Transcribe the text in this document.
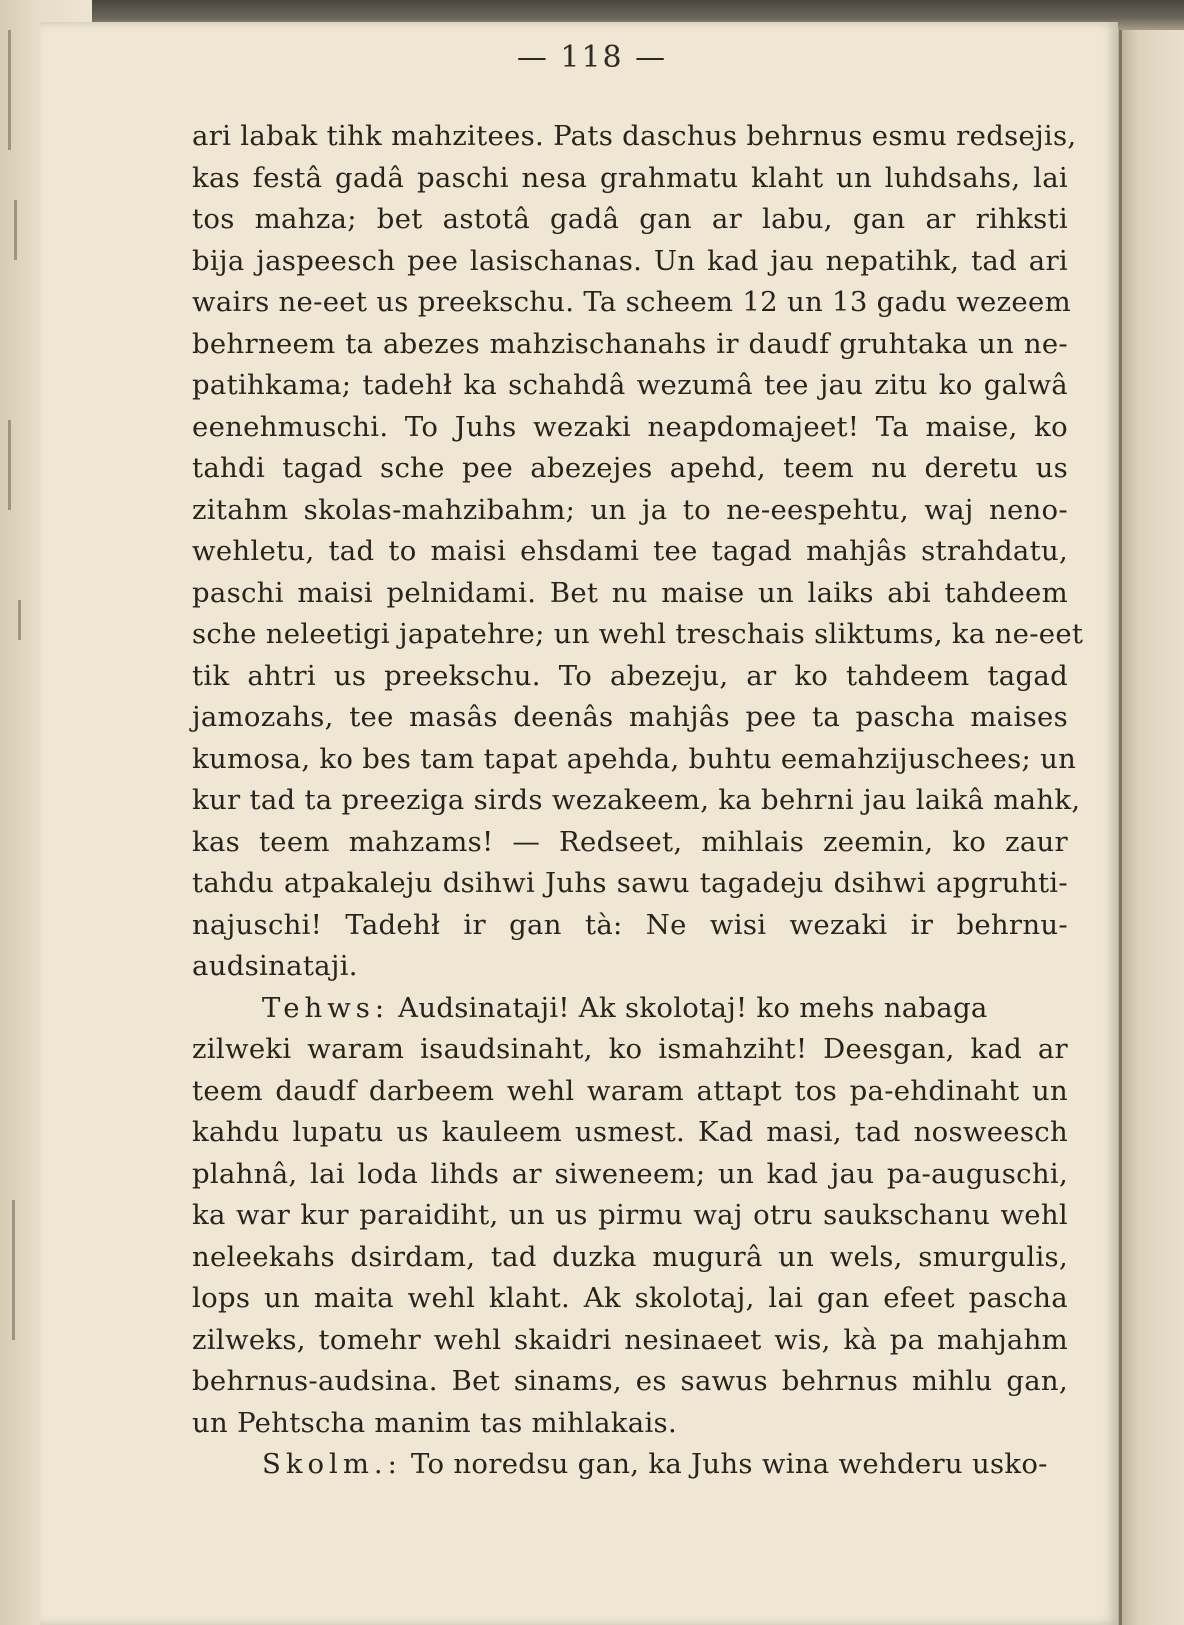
— 118 —
ari labak tihk mahzitees. Pats daschus behrnus esmu redsejis,
kas festâ gadâ paschi nesa grahmatu klaht un luhdsahs, lai
tos mahza; bet astotâ gadâ gan ar labu, gan ar rihksti
bija jaspeesch pee lasischanas. Un kad jau nepatihk, tad ari
wairs ne-eet us preekschu. Ta scheem 12 un 13 gadu wezeem
behrneem ta abezes mahzischanahs ir daudf gruhtaka un ne-
patihkama; tadehł ka schahdâ wezumâ tee jau zitu ko galwâ
eenehmuschi. To Juhs wezaki neapdomajeet! Ta maise, ko
tahdi tagad sche pee abezejes apehd, teem nu deretu us
zitahm skolas-mahzibahm; un ja to ne-eespehtu, waj neno-
wehletu, tad to maisi ehsdami tee tagad mahjâs strahdatu,
paschi maisi pelnidami. Bet nu maise un laiks abi tahdeem
sche neleetigi japatehre; un wehl treschais sliktums, ka ne-eet
tik ahtri us preekschu. To abezeju, ar ko tahdeem tagad
jamozahs, tee masâs deenâs mahjâs pee ta pascha maises
kumosa, ko bes tam tapat apehda, buhtu eemahzijuschees; un
kur tad ta preeziga sirds wezakeem, ka behrni jau laikâ mahk,
kas teem mahzams! — Redseet, mihlais zeemin, ko zaur
tahdu atpakaleju dsihwi Juhs sawu tagadeju dsihwi apgruhti-
najuschi! Tadehł ir gan tà: Ne wisi wezaki ir behrnu-
audsinataji.
Tehws: Audsinataji! Ak skolotaj! ko mehs nabaga
zilweki waram isaudsinaht, ko ismahziht! Deesgan, kad ar
teem daudf darbeem wehl waram attapt tos pa-ehdinaht un
kahdu lupatu us kauleem usmest. Kad masi, tad nosweesch
plahnâ, lai loda lihds ar siweneem; un kad jau pa-auguschi,
ka war kur paraidiht, un us pirmu waj otru saukschanu wehl
neleekahs dsirdam, tad duzka mugurâ un wels, smurgulis,
lops un maita wehl klaht. Ak skolotaj, lai gan efeet pascha
zilweks, tomehr wehl skaidri nesinaeet wis, kà pa mahjahm
behrnus-audsina. Bet sinams, es sawus behrnus mihlu gan,
un Pehtscha manim tas mihlakais.
Skolm.: To noredsu gan, ka Juhs wina wehderu usko-
